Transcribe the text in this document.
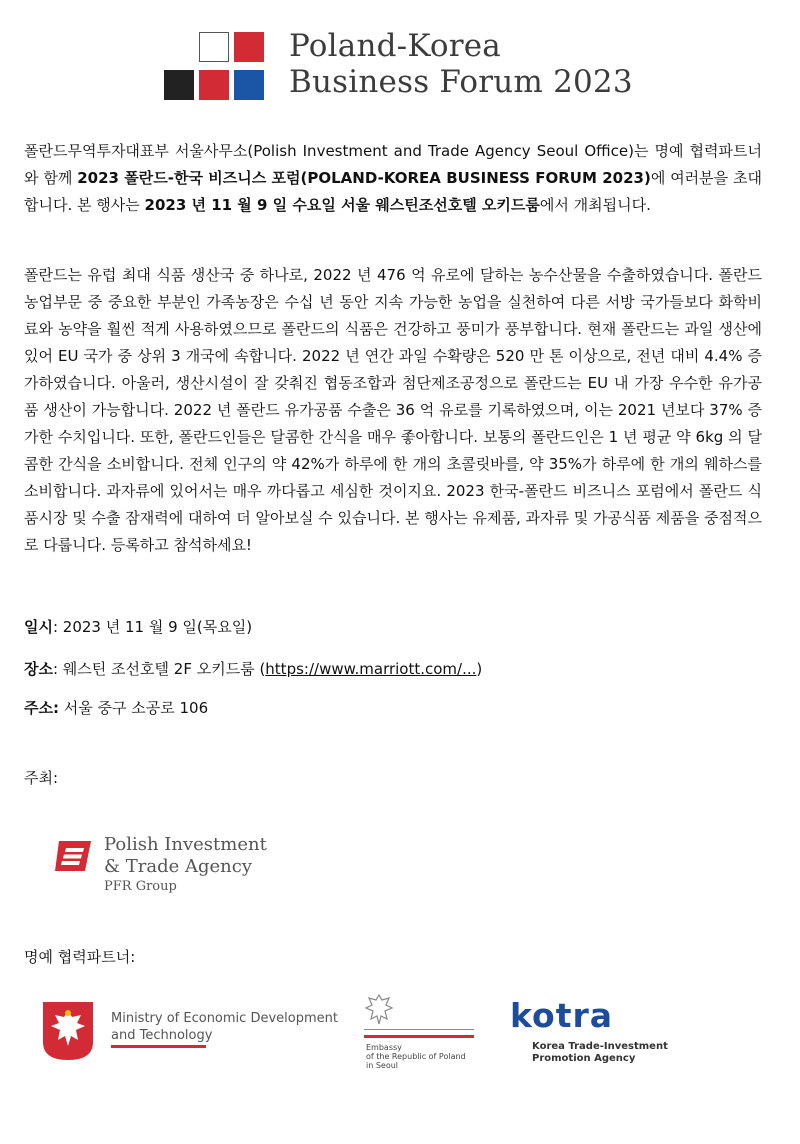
Poland-Korea
Business Forum 2023
폴란드무역투자대표부 서울사무소(Polish Investment and Trade Agency Seoul Office)는 명예 협력파트너와 함께 2023 폴란드-한국 비즈니스 포럼(POLAND-KOREA BUSINESS FORUM 2023)에 여러분을 초대합니다. 본 행사는 2023 년 11 월 9 일 수요일 서울 웨스틴조선호텔 오키드룸에서 개최됩니다.
폴란드는 유럽 최대 식품 생산국 중 하나로, 2022 년 476 억 유로에 달하는 농수산물을 수출하였습니다. 폴란드 농업부문 중 중요한 부분인 가족농장은 수십 년 동안 지속 가능한 농업을 실천하여 다른 서방 국가들보다 화학비료와 농약을 훨씬 적게 사용하였으므로 폴란드의 식품은 건강하고 풍미가 풍부합니다. 현재 폴란드는 과일 생산에 있어 EU 국가 중 상위 3 개국에 속합니다. 2022 년 연간 과일 수확량은 520 만 톤 이상으로, 전년 대비 4.4% 증가하였습니다. 아울러, 생산시설이 잘 갖춰진 협동조합과 첨단제조공정으로 폴란드는 EU 내 가장 우수한 유가공품 생산이 가능합니다. 2022 년 폴란드 유가공품 수출은 36 억 유로를 기록하였으며, 이는 2021 년보다 37% 증가한 수치입니다. 또한, 폴란드인들은 달콤한 간식을 매우 좋아합니다. 보통의 폴란드인은 1 년 평균 약 6kg 의 달콤한 간식을 소비합니다. 전체 인구의 약 42%가 하루에 한 개의 초콜릿바를, 약 35%가 하루에 한 개의 웨하스를 소비합니다. 과자류에 있어서는 매우 까다롭고 세심한 것이지요. 2023 한국-폴란드 비즈니스 포럼에서 폴란드 식품시장 및 수출 잠재력에 대하여 더 알아보실 수 있습니다. 본 행사는 유제품, 과자류 및 가공식품 제품을 중점적으로 다룹니다. 등록하고 참석하세요!
일시: 2023 년 11 월 9 일(목요일)
장소: 웨스틴 조선호텔 2F 오키드룸 (https://www.marriott.com/...)
주소: 서울 중구 소공로 106
주최:
Polish Investment
& Trade Agency
PFR Group
명예 협력파트너:
Ministry of Economic Development
and Technology
Embassy
of the Republic of Poland
in Seoul
kotra
Korea Trade-Investment
Promotion Agency
